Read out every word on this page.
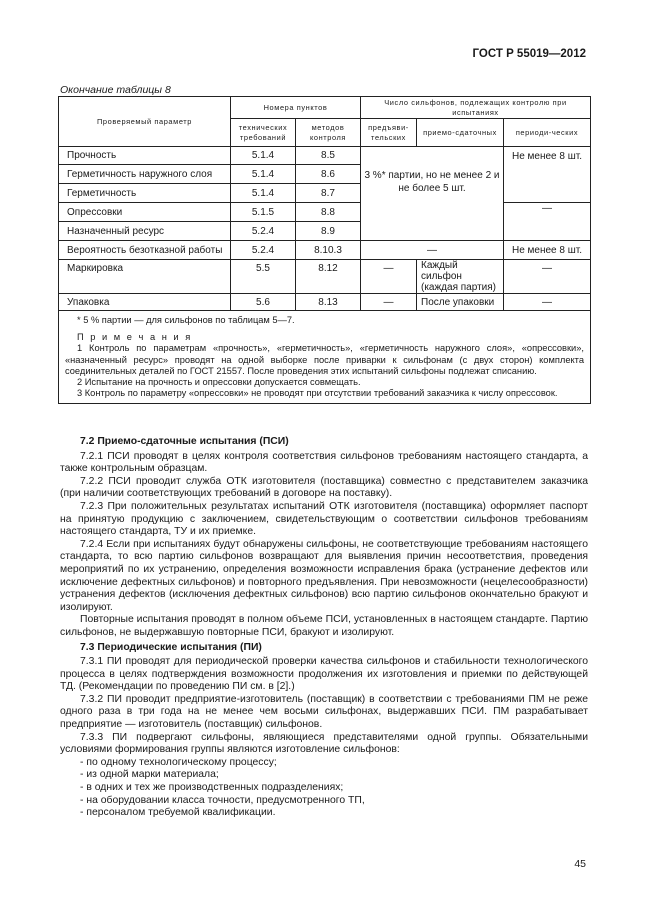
ГОСТ Р 55019—2012
Окончание таблицы 8
Проверяемый параметр	Номера пунктов		Число сильфонов, подлежащих контролю при испытаниях		
	технических требований	методов контроля	предъяви-тельских	приемо-сдаточных	периоди-ческих
Прочность	5.1.4	8.5	3 %* партии, но не менее 2 и не более 5 шт.		Не менее 8 шт.
Герметичность наружного слоя	5.1.4	8.6			
Герметичность	5.1.4	8.7			
Опрессовки	5.1.5	8.8			—
Назначенный ресурс	5.2.4	8.9			
Вероятность безотказной работы	5.2.4	8.10.3	—		Не менее 8 шт.
Маркировка	5.5	8.12	—	Каждый сильфон (каждая партия)	—
Упаковка	5.6	8.13	—	После упаковки	—

* 5 % партии — для сильфонов по таблицам 5—7.

П р и м е ч а н и я

1 Контроль по параметрам «прочность», «герметичность», «герметичность наружного слоя», «опрессовки», «назначенный ресурс» проводят на одной выборке после приварки к сильфонам (с двух сторон) комплекта соединительных деталей по ГОСТ 21557. После проведения этих испытаний сильфоны подлежат списанию.

2 Испытание на прочность и опрессовки допускается совмещать.

3 Контроль по параметру «опрессовки» не проводят при отсутствии требований заказчика к числу опрессовок.					

7.2 Приемо-сдаточные испытания (ПСИ)

7.2.1 ПСИ проводят в целях контроля соответствия сильфонов требованиям настоящего стандарта, а также контрольным образцам.

7.2.2 ПСИ проводит служба ОТК изготовителя (поставщика) совместно с представителем заказчика (при наличии соответствующих требований в договоре на поставку).

7.2.3 При положительных результатах испытаний ОТК изготовителя (поставщика) оформляет паспорт на принятую продукцию с заключением, свидетельствующим о соответствии сильфонов требованиям настоящего стандарта, ТУ и их приемке.

7.2.4 Если при испытаниях будут обнаружены сильфоны, не соответствующие требованиям настоящего стандарта, то всю партию сильфонов возвращают для выявления причин несоответствия, проведения мероприятий по их устранению, определения возможности исправления брака (устранение дефектов или исключение дефектных сильфонов) и повторного предъявления. При невозможности (нецелесообразности) устранения дефектов (исключения дефектных сильфонов) всю партию сильфонов окончательно бракуют и изолируют.

Повторные испытания проводят в полном объеме ПСИ, установленных в настоящем стандарте. Партию сильфонов, не выдержавшую повторные ПСИ, бракуют и изолируют.

7.3 Периодические испытания (ПИ)

7.3.1 ПИ проводят для периодической проверки качества сильфонов и стабильности технологического процесса в целях подтверждения возможности продолжения их изготовления и приемки по действующей ТД. (Рекомендации по проведению ПИ см. в [2].)

7.3.2 ПИ проводит предприятие-изготовитель (поставщик) в соответствии с требованиями ПМ не реже одного раза в три года на не менее чем восьми сильфонах, выдержавших ПСИ. ПМ разрабатывает предприятие — изготовитель (поставщик) сильфонов.

7.3.3 ПИ подвергают сильфоны, являющиеся представителями одной группы. Обязательными условиями формирования группы являются изготовление сильфонов:

- по одному технологическому процессу;

- из одной марки материала;

- в одних и тех же производственных подразделениях;

- на оборудовании класса точности, предусмотренного ТП,

- персоналом требуемой квалификации.

45
